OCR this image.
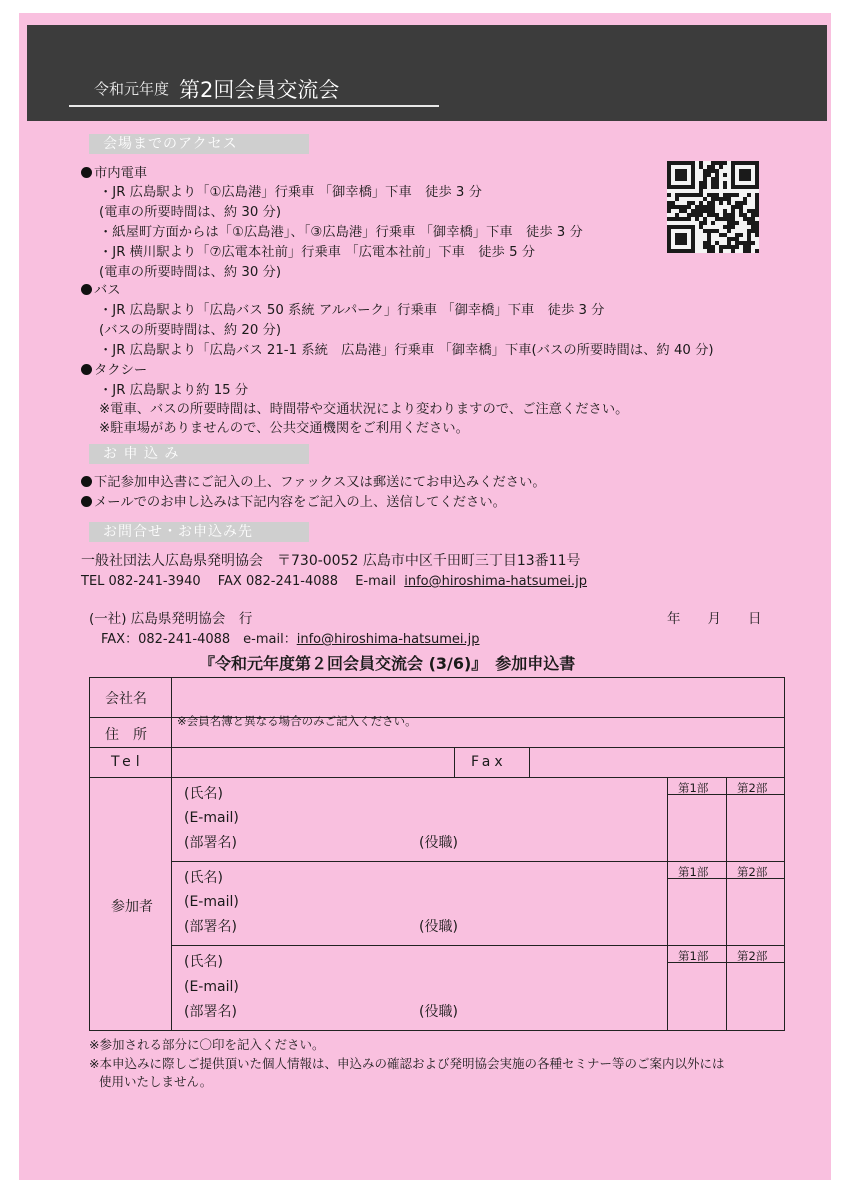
令和元年度 第2回会員交流会

会場までのアクセス
市内電車
・JR 広島駅より「①広島港」行乗車 「御幸橋」下車　徒歩 3 分
(電車の所要時間は、約 30 分)
・紙屋町方面からは「①広島港」、「③広島港」行乗車 「御幸橋」下車　徒歩 3 分
・JR 横川駅より「⑦広電本社前」行乗車 「広電本社前」下車　徒歩 5 分
(電車の所要時間は、約 30 分)
バス
・JR 広島駅より「広島バス 50 系統 アルパーク」行乗車 「御幸橋」下車　徒歩 3 分
(バスの所要時間は、約 20 分)
・JR 広島駅より「広島バス 21-1 系統　広島港」行乗車 「御幸橋」下車(バスの所要時間は、約 40 分)
タクシー
・JR 広島駅より約 15 分
※電車、バスの所要時間は、時間帯や交通状況により変わりますので、ご注意ください。
※駐車場がありませんので、公共交通機関をご利用ください。
お 申 込 み
下記参加申込書にご記入の上、ファックス又は郵送にてお申込みください。
メールでのお申し込みは下記内容をご記入の上、送信してください。
お問合せ・お申込み先
一般社団法人広島県発明協会　〒730-0052 広島市中区千田町三丁目13番11号
TEL 082-241-3940　 FAX 082-241-4088　 E-mail info@hiroshima-hatsumei.jp
(一社) 広島県発明協会　行	年　　月　　日
FAX：082-241-4088　e-mail：info@hiroshima-hatsumei.jp
『令和元年度第２回会員交流会 (3/6)』　参加申込書
会社名
住　所
※会員名簿と異なる場合のみご記入ください。
Tel	Fax
参加者
(氏名)
(E-mail)
(部署名)	(役職)
第1部 第2部
(氏名)
(E-mail)
(部署名)	(役職)
第1部 第2部
(氏名)
(E-mail)
(部署名)	(役職)
第1部 第2部
※参加される部分に〇印を記入ください。
※本申込みに際しご提供頂いた個人情報は、申込みの確認および発明協会実施の各種セミナー等のご案内以外には
使用いたしません。
